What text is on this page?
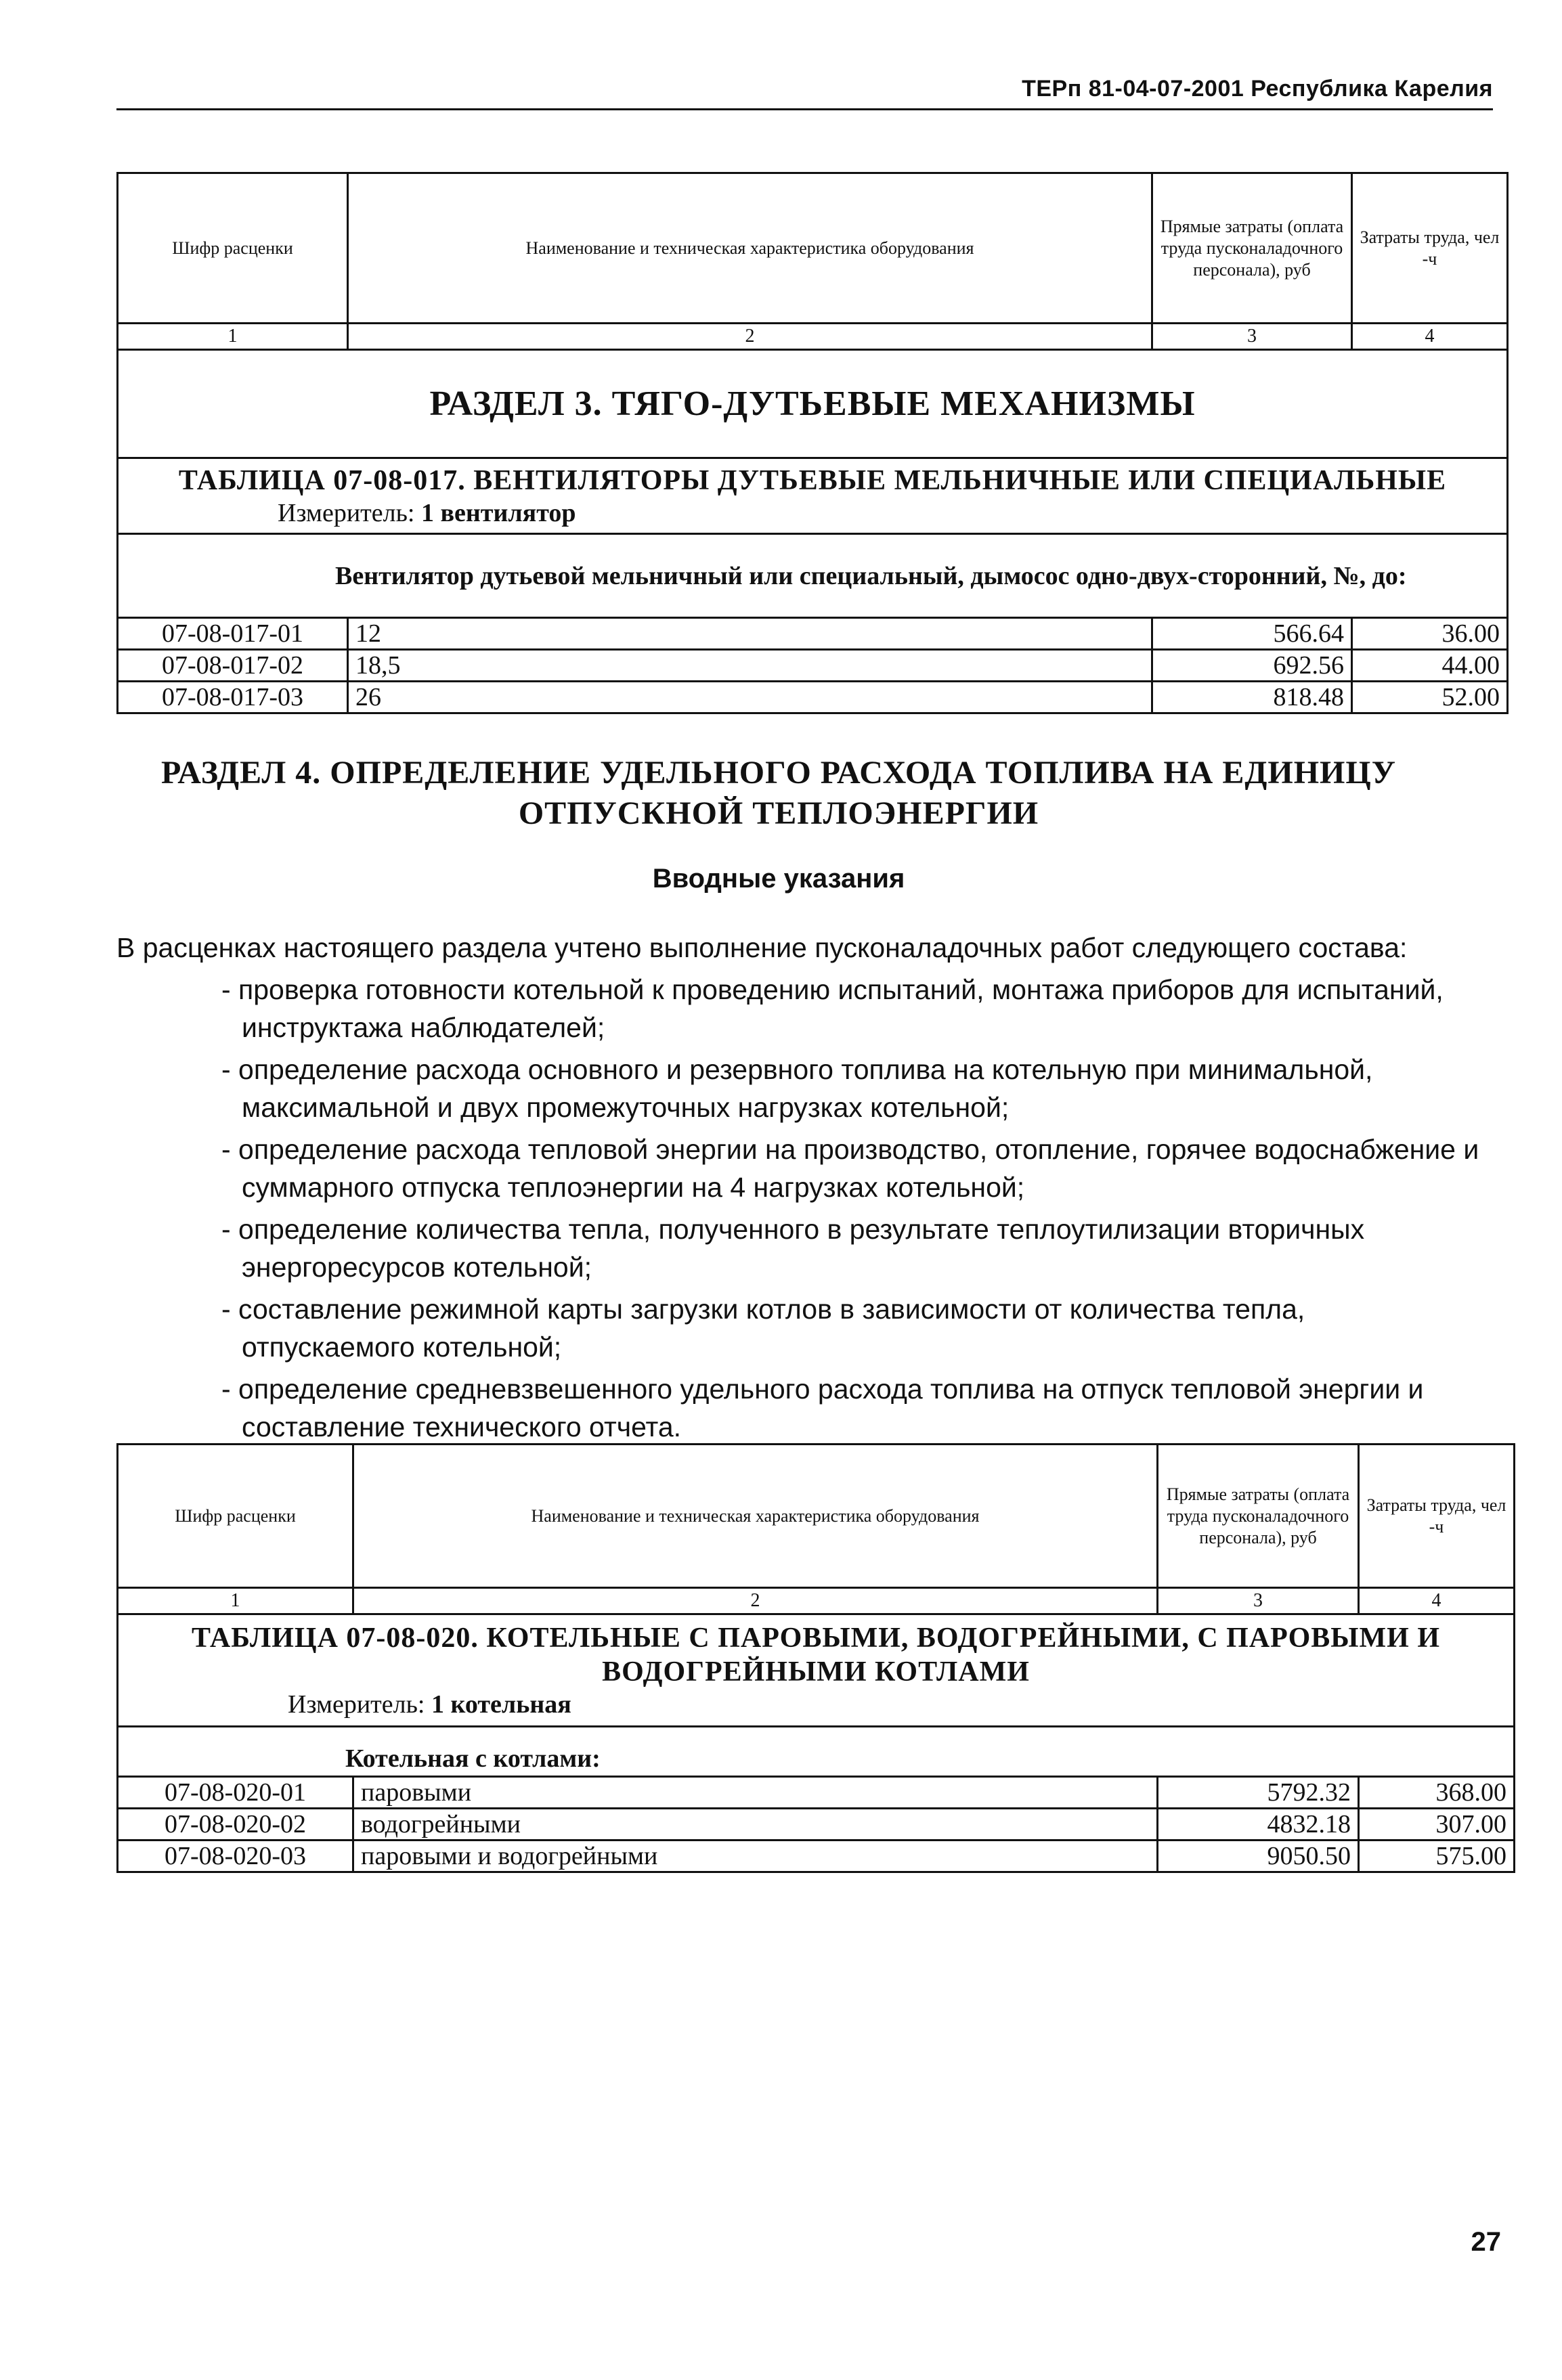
ТЕРп 81-04-07-2001 Республика Карелия
Шифр расценки	Наименование и техническая характеристика оборудования	Прямые затраты (оплата труда пусконаладочного персонала), руб	Затраты труда, чел -ч
1	2	3	4
РАЗДЕЛ 3. ТЯГО-ДУТЬЕВЫЕ МЕХАНИЗМЫ			

ТАБЛИЦА 07-08-017. ВЕНТИЛЯТОРЫ ДУТЬЕВЫЕ МЕЛЬНИЧНЫЕ ИЛИ СПЕЦИАЛЬНЫЕ
Измеритель: 1 вентилятор			

Вентилятор дутьевой мельничный или специальный, дымосос одно-двух-сторонний, №, до:			

07-08-017-01	12	566.64	36.00
07-08-017-02	18,5	692.56	44.00
07-08-017-03	26	818.48	52.00
РАЗДЕЛ 4. ОПРЕДЕЛЕНИЕ УДЕЛЬНОГО РАСХОДА ТОПЛИВА НА ЕДИНИЦУ
ОТПУСКНОЙ ТЕПЛОЭНЕРГИИ
Вводные указания

В расценках настоящего раздела учтено выполнение пусконаладочных работ следующего состава:

- проверка готовности котельной к проведению испытаний, монтажа приборов для испытаний, инструктажа наблюдателей;
- определение расхода основного и резервного топлива на котельную при минимальной, максимальной и двух промежуточных нагрузках котельной;
- определение расхода тепловой энергии на производство, отопление, горячее водоснабжение и суммарного отпуска теплоэнергии на 4 нагрузках котельной;
- определение количества тепла, полученного в результате теплоутилизации вторичных энергоресурсов котельной;
- составление режимной карты загрузки котлов в зависимости от количества тепла, отпускаемого котельной;
- определение средневзвешенного удельного расхода топлива на отпуск тепловой энергии и составление технического отчета.
Шифр расценки	Наименование и техническая характеристика оборудования	Прямые затраты (оплата труда пусконаладочного персонала), руб	Затраты труда, чел -ч
1	2	3	4

ТАБЛИЦА 07-08-020. КОТЕЛЬНЫЕ С ПАРОВЫМИ, ВОДОГРЕЙНЫМИ, С ПАРОВЫМИ И
ВОДОГРЕЙНЫМИ КОТЛАМИ
Измеритель: 1 котельная			

Котельная с котлами:			

07-08-020-01	паровыми	5792.32	368.00
07-08-020-02	водогрейными	4832.18	307.00
07-08-020-03	паровыми и водогрейными	9050.50	575.00
27
